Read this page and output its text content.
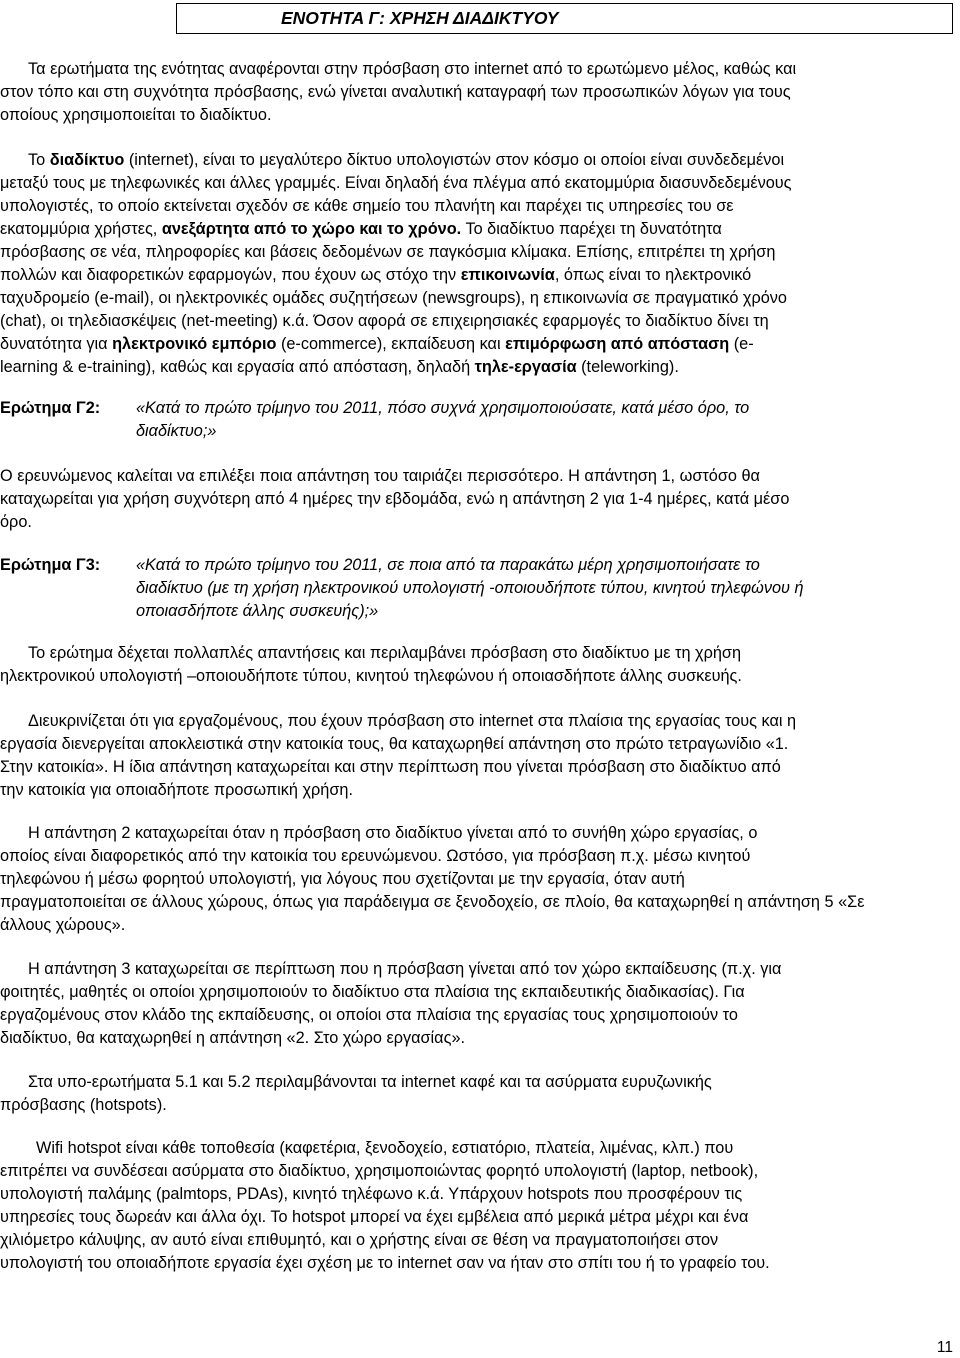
ΕΝΟΤΗΤΑ Γ: ΧΡΗΣΗ ΔΙΑΔΙΚΤΥΟΥ
Τα ερωτήματα της ενότητας αναφέρονται στην πρόσβαση στο internet από το ερωτώμενο μέλος, καθώς και
στον τόπο και στη συχνότητα πρόσβασης, ενώ γίνεται αναλυτική καταγραφή των προσωπικών λόγων για τους
οποίους χρησιμοποιείται το διαδίκτυο.
Το διαδίκτυο (internet), είναι το μεγαλύτερο δίκτυο υπολογιστών στον κόσμο οι οποίοι είναι συνδεδεμένοι
μεταξύ τους με τηλεφωνικές και άλλες γραμμές. Είναι δηλαδή ένα πλέγμα από εκατομμύρια διασυνδεδεμένους
υπολογιστές, το οποίο εκτείνεται σχεδόν σε κάθε σημείο του πλανήτη και παρέχει τις υπηρεσίες του σε
εκατομμύρια χρήστες, ανεξάρτητα από το χώρο και το χρόνο. Το διαδίκτυο παρέχει τη δυνατότητα
πρόσβασης σε νέα, πληροφορίες και βάσεις δεδομένων σε παγκόσμια κλίμακα. Επίσης, επιτρέπει τη χρήση
πολλών και διαφορετικών εφαρμογών, που έχουν ως στόχο την επικοινωνία, όπως είναι το ηλεκτρονικό
ταχυδρομείο (e-mail), οι ηλεκτρονικές ομάδες συζητήσεων (newsgroups), η επικοινωνία σε πραγματικό χρόνο
(chat), οι τηλεδιασκέψεις (net-meeting) κ.ά. Όσον αφορά σε επιχειρησιακές εφαρμογές το διαδίκτυο δίνει τη
δυνατότητα για ηλεκτρονικό εμπόριο (e-commerce), εκπαίδευση και επιμόρφωση από απόσταση (e-
learning & e-training), καθώς και εργασία από απόσταση, δηλαδή τηλε-εργασία (teleworking).
Ερώτημα Γ2: «Κατά το πρώτο τρίμηνο του 2011, πόσο συχνά χρησιμοποιούσατε, κατά μέσο όρο, το
διαδίκτυο;»
Ο ερευνώμενος καλείται να επιλέξει ποια απάντηση του ταιριάζει περισσότερο. Η απάντηση 1, ωστόσο θα
καταχωρείται για χρήση συχνότερη από 4 ημέρες την εβδομάδα, ενώ η απάντηση 2 για 1-4 ημέρες, κατά μέσο
όρο.
Ερώτημα Γ3: «Κατά το πρώτο τρίμηνο του 2011, σε ποια από τα παρακάτω μέρη χρησιμοποιήσατε το
διαδίκτυο (με τη χρήση ηλεκτρονικού υπολογιστή -οποιουδήποτε τύπου, κινητού τηλεφώνου ή
οποιασδήποτε άλλης συσκευής);»
Το ερώτημα δέχεται πολλαπλές απαντήσεις και περιλαμβάνει πρόσβαση στο διαδίκτυο με τη χρήση
ηλεκτρονικού υπολογιστή –οποιουδήποτε τύπου, κινητού τηλεφώνου ή οποιασδήποτε άλλης συσκευής.
Διευκρινίζεται ότι για εργαζομένους, που έχουν πρόσβαση στο internet στα πλαίσια της εργασίας τους και η
εργασία διενεργείται αποκλειστικά στην κατοικία τους, θα καταχωρηθεί απάντηση στο πρώτο τετραγωνίδιο «1.
Στην κατοικία». Η ίδια απάντηση καταχωρείται και στην περίπτωση που γίνεται πρόσβαση στο διαδίκτυο από
την κατοικία για οποιαδήποτε προσωπική χρήση.
Η απάντηση 2 καταχωρείται όταν η πρόσβαση στο διαδίκτυο γίνεται από το συνήθη χώρο εργασίας, ο
οποίος είναι διαφορετικός από την κατοικία του ερευνώμενου. Ωστόσο, για πρόσβαση π.χ. μέσω κινητού
τηλεφώνου ή μέσω φορητού υπολογιστή, για λόγους που σχετίζονται με την εργασία, όταν αυτή
πραγματοποιείται σε άλλους χώρους, όπως για παράδειγμα σε ξενοδοχείο, σε πλοίο, θα καταχωρηθεί η απάντηση 5 «Σε
άλλους χώρους».
Η απάντηση 3 καταχωρείται σε περίπτωση που η πρόσβαση γίνεται από τον χώρο εκπαίδευσης (π.χ. για
φοιτητές, μαθητές οι οποίοι χρησιμοποιούν το διαδίκτυο στα πλαίσια της εκπαιδευτικής διαδικασίας). Για
εργαζομένους στον κλάδο της εκπαίδευσης, οι οποίοι στα πλαίσια της εργασίας τους χρησιμοποιούν το
διαδίκτυο, θα καταχωρηθεί η απάντηση «2. Στο χώρο εργασίας».
Στα υπο-ερωτήματα 5.1 και 5.2 περιλαμβάνονται τα internet καφέ και τα ασύρματα ευρυζωνικής
πρόσβασης (hotspots).
Wifi hotspot είναι κάθε τοποθεσία (καφετέρια, ξενοδοχείο, εστιατόριο, πλατεία, λιμένας, κλπ.) που
επιτρέπει να συνδέσεαι ασύρματα στο διαδίκτυο, χρησιμοποιώντας φορητό υπολογιστή (laptop, netbook),
υπολογιστή παλάμης (palmtops, PDAs), κινητό τηλέφωνο κ.ά. Υπάρχουν hotspots που προσφέρουν τις
υπηρεσίες τους δωρεάν και άλλα όχι. Το hotspot μπορεί να έχει εμβέλεια από μερικά μέτρα μέχρι και ένα
χιλιόμετρο κάλυψης, αν αυτό είναι επιθυμητό, και ο χρήστης είναι σε θέση να πραγματοποιήσει στον
υπολογιστή του οποιαδήποτε εργασία έχει σχέση με το internet σαν να ήταν στο σπίτι του ή το γραφείο του.
11
